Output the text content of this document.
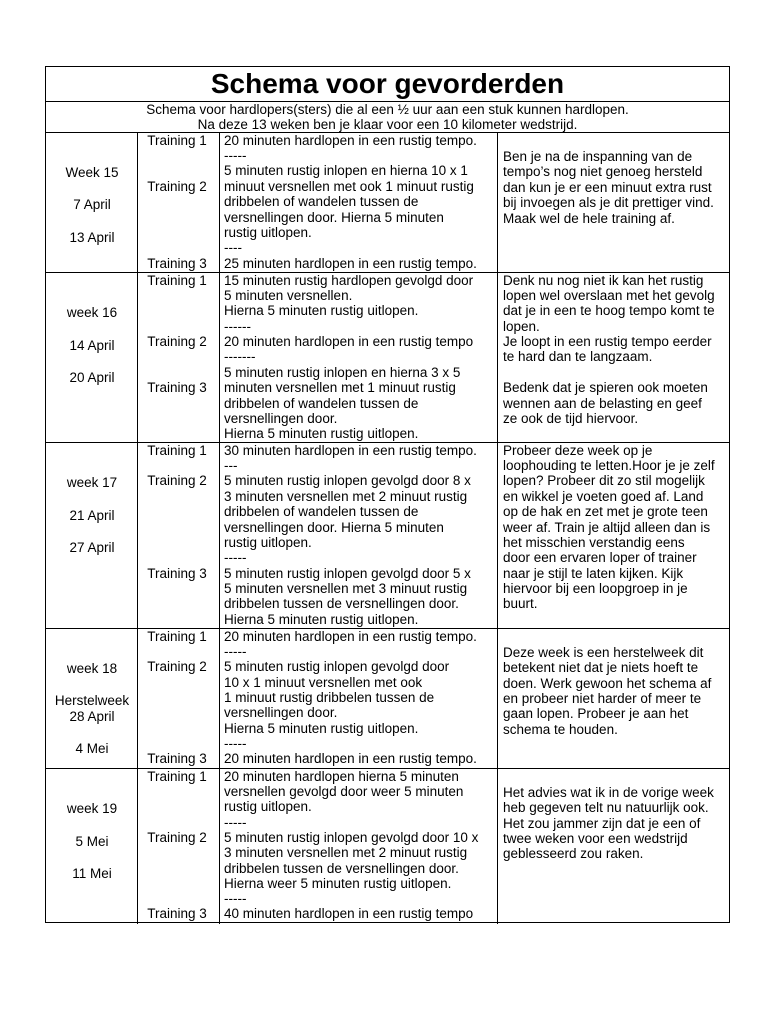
Schema voor gevorderden
Schema voor hardlopers(sters) die al een ½ uur aan een stuk kunnen hardlopen.
Na deze 13 weken ben je klaar voor een 10 kilometer wedstrijd.
Week 15
7 April
13 April
Training 1
Training 2
Training 3
20 minuten hardlopen in een rustig tempo.
-----
5 minuten rustig inlopen en hierna 10 x 1
minuut versnellen met ook 1 minuut rustig
dribbelen of wandelen tussen de
versnellingen door. Hierna 5 minuten
rustig uitlopen.
----
25 minuten hardlopen in een rustig tempo.
Ben je na de inspanning van de
tempo’s nog niet genoeg hersteld
dan kun je er een minuut extra rust
bij invoegen als je dit prettiger vind.
Maak wel de hele training af.
week 16
14 April
20 April
Training 1
Training 2
Training 3
15 minuten rustig hardlopen gevolgd door
5 minuten versnellen.
Hierna 5 minuten rustig uitlopen.
------
20 minuten hardlopen in een rustig tempo
-------
5 minuten rustig inlopen en hierna 3 x 5
minuten versnellen met 1 minuut rustig
dribbelen of wandelen tussen de
versnellingen door.
Hierna 5 minuten rustig uitlopen.
Denk nu nog niet ik kan het rustig
lopen wel overslaan met het gevolg
dat je in een te hoog tempo komt te
lopen.
Je loopt in een rustig tempo eerder
te hard dan te langzaam.
Bedenk dat je spieren ook moeten
wennen aan de belasting en geef
ze ook de tijd hiervoor.
week 17
21 April
27 April
Training 1
Training 2
Training 3
30 minuten hardlopen in een rustig tempo.
---
5 minuten rustig inlopen gevolgd door 8 x
3 minuten versnellen met 2 minuut rustig
dribbelen of wandelen tussen de
versnellingen door. Hierna 5 minuten
rustig uitlopen.
-----
5 minuten rustig inlopen gevolgd door 5 x
5 minuten versnellen met 3 minuut rustig
dribbelen tussen de versnellingen door.
Hierna 5 minuten rustig uitlopen.
Probeer deze week op je
loophouding te letten.Hoor je je zelf
lopen? Probeer dit zo stil mogelijk
en wikkel je voeten goed af. Land
op de hak en zet met je grote teen
weer af. Train je altijd alleen dan is
het misschien verstandig eens
door een ervaren loper of trainer
naar je stijl te laten kijken. Kijk
hiervoor bij een loopgroep in je
buurt.
week 18
Herstelweek
28 April
4 Mei
Training 1
Training 2
Training 3
20 minuten hardlopen in een rustig tempo.
-----
5 minuten rustig inlopen gevolgd door
10 x 1 minuut versnellen met ook
1 minuut rustig dribbelen tussen de
versnellingen door.
Hierna 5 minuten rustig uitlopen.
-----
20 minuten hardlopen in een rustig tempo.
Deze week is een herstelweek dit
betekent niet dat je niets hoeft te
doen. Werk gewoon het schema af
en probeer niet harder of meer te
gaan lopen. Probeer je aan het
schema te houden.
week 19
5 Mei
11 Mei
Training 1
Training 2
Training 3
20 minuten hardlopen hierna 5 minuten
versnellen gevolgd door weer 5 minuten
rustig uitlopen.
-----
5 minuten rustig inlopen gevolgd door 10 x
3 minuten versnellen met 2 minuut rustig
dribbelen tussen de versnellingen door.
Hierna weer 5 minuten rustig uitlopen.
-----
40 minuten hardlopen in een rustig tempo
Het advies wat ik in de vorige week
heb gegeven telt nu natuurlijk ook.
Het zou jammer zijn dat je een of
twee weken voor een wedstrijd
geblesseerd zou raken.
